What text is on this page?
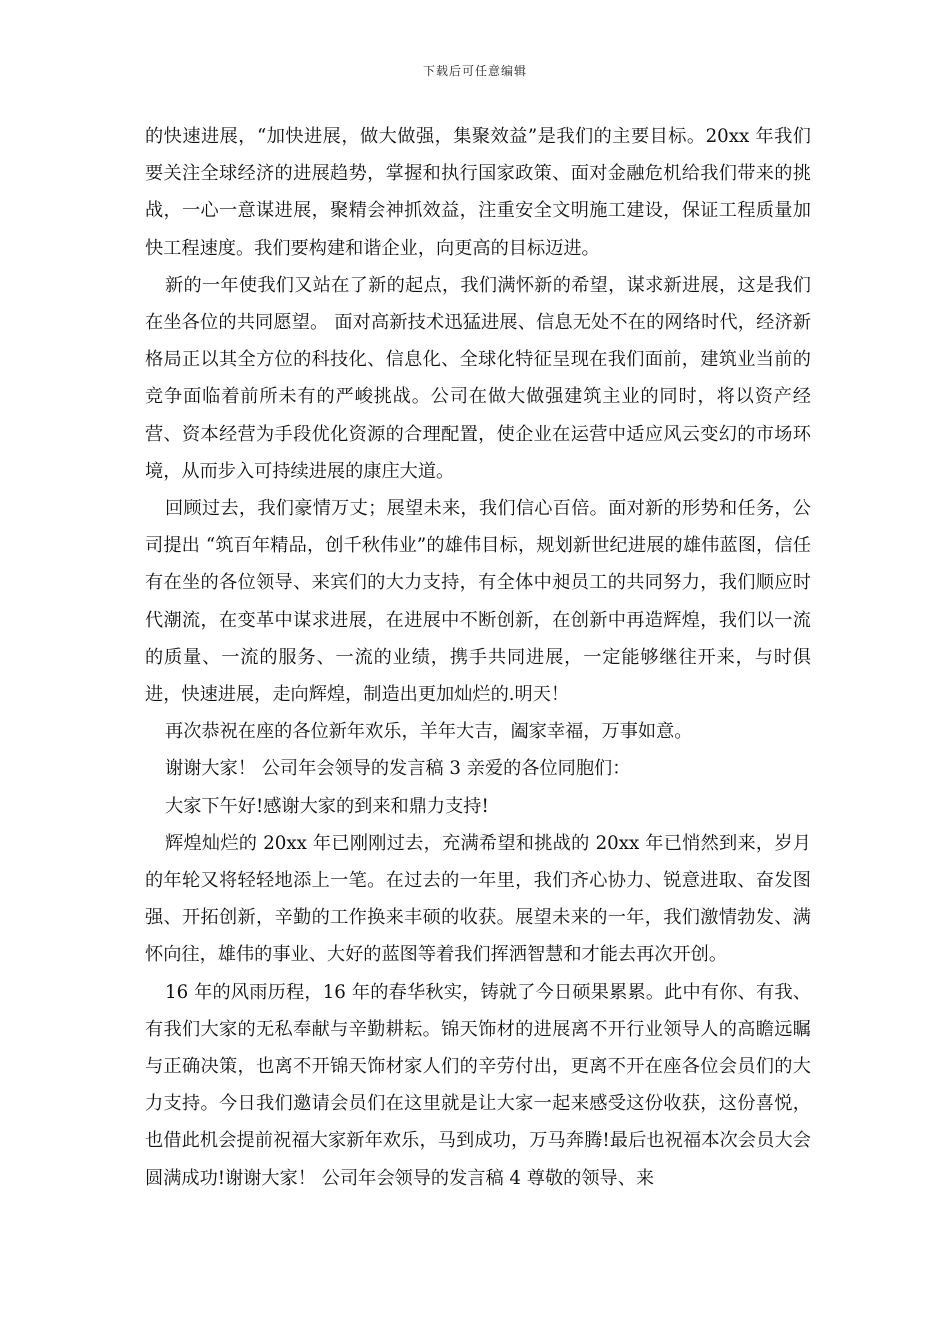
下载后可任意编辑

的快速进展，“加快进展，做大做强，集聚效益”是我们的主要目标。20xx 年我们要关注全球经济的进展趋势，掌握和执行国家政策、面对金融危机给我们带来的挑战，一心一意谋进展，聚精会神抓效益，注重安全文明施工建设，保证工程质量加快工程速度。我们要构建和谐企业，向更高的目标迈进。

新的一年使我们又站在了新的起点，我们满怀新的希望，谋求新进展，这是我们在坐各位的共同愿望。 面对高新技术迅猛进展、信息无处不在的网络时代，经济新格局正以其全方位的科技化、信息化、全球化特征呈现在我们面前，建筑业当前的竞争面临着前所未有的严峻挑战。公司在做大做强建筑主业的同时，将以资产经营、资本经营为手段优化资源的合理配置，使企业在运营中适应风云变幻的市场环境，从而步入可持续进展的康庄大道。

回顾过去，我们豪情万丈；展望未来，我们信心百倍。面对新的形势和任务，公司提出 “筑百年精品，创千秋伟业”的雄伟目标，规划新世纪进展的雄伟蓝图，信任有在坐的各位领导、来宾们的大力支持，有全体中昶员工的共同努力，我们顺应时代潮流，在变革中谋求进展，在进展中不断创新，在创新中再造辉煌，我们以一流的质量、一流的服务、一流的业绩，携手共同进展，一定能够继往开来，与时俱进，快速进展，走向辉煌，制造出更加灿烂的.明天！

再次恭祝在座的各位新年欢乐，羊年大吉，阖家幸福，万事如意。

谢谢大家！ 公司年会领导的发言稿 3 亲爱的各位同胞们：

大家下午好!感谢大家的到来和鼎力支持!

辉煌灿烂的 20xx 年已刚刚过去，充满希望和挑战的 20xx 年已悄然到来，岁月的年轮又将轻轻地添上一笔。在过去的一年里，我们齐心协力、锐意进取、奋发图强、开拓创新，辛勤的工作换来丰硕的收获。展望未来的一年，我们激情勃发、满怀向往，雄伟的事业、大好的蓝图等着我们挥洒智慧和才能去再次开创。

16 年的风雨历程，16 年的春华秋实，铸就了今日硕果累累。此中有你、有我、有我们大家的无私奉献与辛勤耕耘。锦天饰材的进展离不开行业领导人的高瞻远瞩与正确决策，也离不开锦天饰材家人们的辛劳付出，更离不开在座各位会员们的大力支持。今日我们邀请会员们在这里就是让大家一起来感受这份收获，这份喜悦，也借此机会提前祝福大家新年欢乐，马到成功，万马奔腾!最后也祝福本次会员大会圆满成功!谢谢大家！ 公司年会领导的发言稿 4 尊敬的领导、来
